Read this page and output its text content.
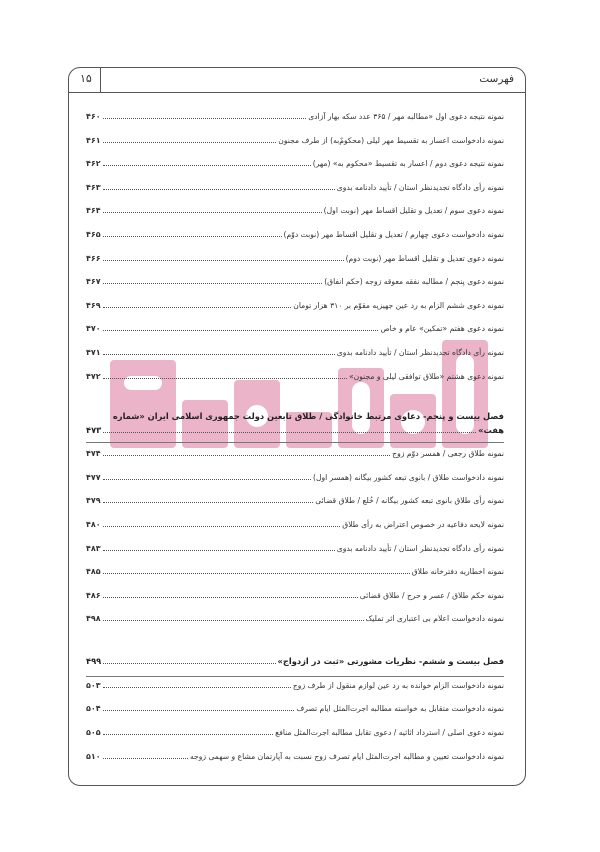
فهرست
۱۵
نمونه نتیجه دعوی اول «مطالبه مهر / ۳۶۵ عدد سکه بهار آزادی
۴۶۰
نمونه دادخواست اعسار به تقسیط مهر لیلی (محکومٌ‌به) از طرف مجنون
۴۶۱
نمونه نتیجه دعوی دوم / اعسار به تقسیط «محکوم به» (مهر)
۴۶۲
نمونه رأی دادگاه تجدیدنظر استان / تأیید دادنامه بدوی
۴۶۳
نمونه دعوی سوم / تعدیل و تقلیل اقساط مهر (نوبت اول)
۴۶۴
نمونه دادخواست دعوی چهارم / تعدیل و تقلیل اقساط مهر (نوبت دوّم)
۴۶۵
نمونه دعوی تعدیل و تقلیل اقساط مهر (نوبت دوم)
۴۶۶
نمونه دعوی پنجم / مطالبه نفقه معوقه زوجه (حکم انفاق)
۴۶۷
نمونه دعوی ششم الزام به رد عین جهیزیه مقوّم بر ۳۱۰ هزار تومان
۴۶۹
نمونه دعوی هفتم «تمکین» عام و خاص
۴۷۰
نمونه رأی دادگاه تجدیدنظر استان / تأیید دادنامه بدوی
۴۷۱
نمونه دعوی هشتم «طلاق توافقی لیلی و مجنون»
۴۷۲
فصل بیست و پنجم- دعاوی مرتبط خانوادگی / طلاق تابعین دولت جمهوری اسلامی ایران «شماره
هفت»
۴۷۳
نمونه طلاق رجعی / همسر دوّم زوج
۴۷۴
نمونه دادخواست طلاق / بانوی تبعه کشور بیگانه (همسر اول)
۴۷۷
نمونه رأی طلاق بانوی تبعه کشور بیگانه / خُلع / طلاق قضائی
۴۷۹
نمونه لایحه دفاعیه در خصوص اعتراض به رأی طلاق
۴۸۰
نمونه رأی دادگاه تجدیدنظر استان / تأیید دادنامه بدوی
۴۸۳
نمونه اخطاریه دفترخانه طلاق
۴۸۵
نمونه حکم طلاق / عسر و حرج / طلاق قضائی
۴۸۶
نمونه دادخواست اعلام بی اعتباری اثر تملیک
۴۹۸
فصل بیست و ششم- نظریات مشورتی «ثبت در ازدواج»
۴۹۹
نمونه دادخواست الزام خوانده به رد عین لوازم منقول از طرف زوج
۵۰۳
نمونه دادخواست متقابل به خواسته مطالبه اجرت‌المثل ایام تصرف
۵۰۴
نمونه دعوی اصلی / استرداد اثاثیه / دعوی تقابل مطالبه اجرت‌المثل منافع
۵۰۵
نمونه دادخواست تعیین و مطالبه اجرت‌المثل ایام تصرف زوج نسبت به آپارتمان مشاع و سهمی زوجه
۵۱۰
